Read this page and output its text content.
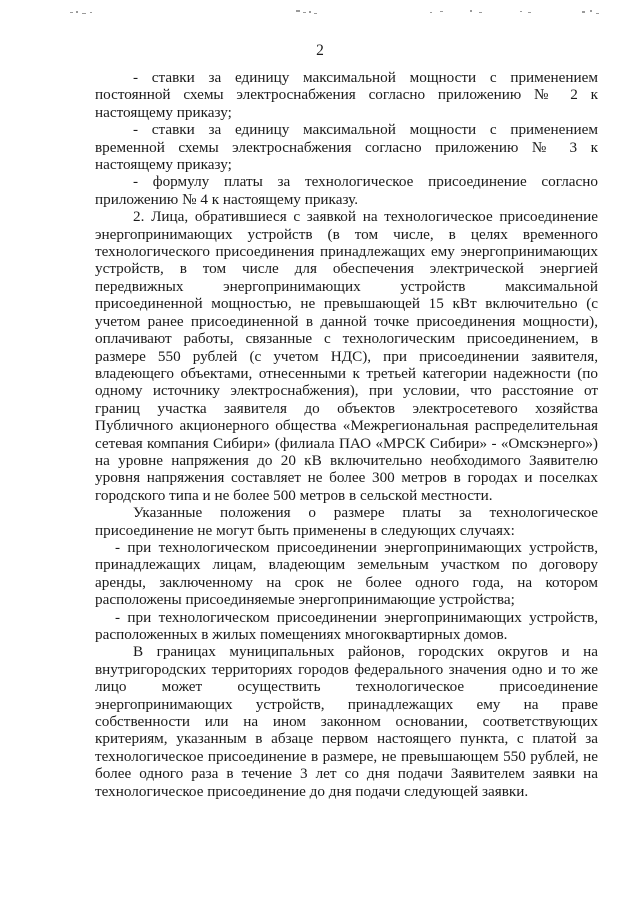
2

- ставки за единицу максимальной мощности с применением постоянной схемы электроснабжения согласно приложению № 2 к настоящему приказу;

- ставки за единицу максимальной мощности с применением временной схемы электроснабжения согласно приложению № 3 к настоящему приказу;

- формулу платы за технологическое присоединение согласно приложению № 4 к настоящему приказу.

2. Лица, обратившиеся с заявкой на технологическое присоединение энергопринимающих устройств (в том числе, в целях временного технологического присоединения принадлежащих ему энергопринимающих устройств, в том числе для обеспечения электрической энергией передвижных энергопринимающих устройств максимальной присоединенной мощностью, не превышающей 15 кВт включительно (с учетом ранее присоединенной в данной точке присоединения мощности), оплачивают работы, связанные с технологическим присоединением, в размере 550 рублей (с учетом НДС), при присоединении заявителя, владеющего объектами, отнесенными к третьей категории надежности (по одному источнику электроснабжения), при условии, что расстояние от границ участка заявителя до объектов электросетевого хозяйства Публичного акционерного общества «Межрегиональная распределительная сетевая компания Сибири» (филиала ПАО «МРСК Сибири» - «Омскэнерго») на уровне напряжения до 20 кВ включительно необходимого Заявителю уровня напряжения составляет не более 300 метров в городах и поселках городского типа и не более 500 метров в сельской местности.

Указанные положения о размере платы за технологическое присоединение не могут быть применены в следующих случаях:

- при технологическом присоединении энергопринимающих устройств, принадлежащих лицам, владеющим земельным участком по договору аренды, заключенному на срок не более одного года, на котором расположены присоединяемые энергопринимающие устройства;

- при технологическом присоединении энергопринимающих устройств, расположенных в жилых помещениях многоквартирных домов.

В границах муниципальных районов, городских округов и на внутригородских территориях городов федерального значения одно и то же лицо может осуществить технологическое присоединение энергопринимающих устройств, принадлежащих ему на праве собственности или на ином законном основании, соответствующих критериям, указанным в абзаце первом настоящего пункта, с платой за технологическое присоединение в размере, не превышающем 550 рублей, не более одного раза в течение 3 лет со дня подачи Заявителем заявки на технологическое присоединение до дня подачи следующей заявки.
